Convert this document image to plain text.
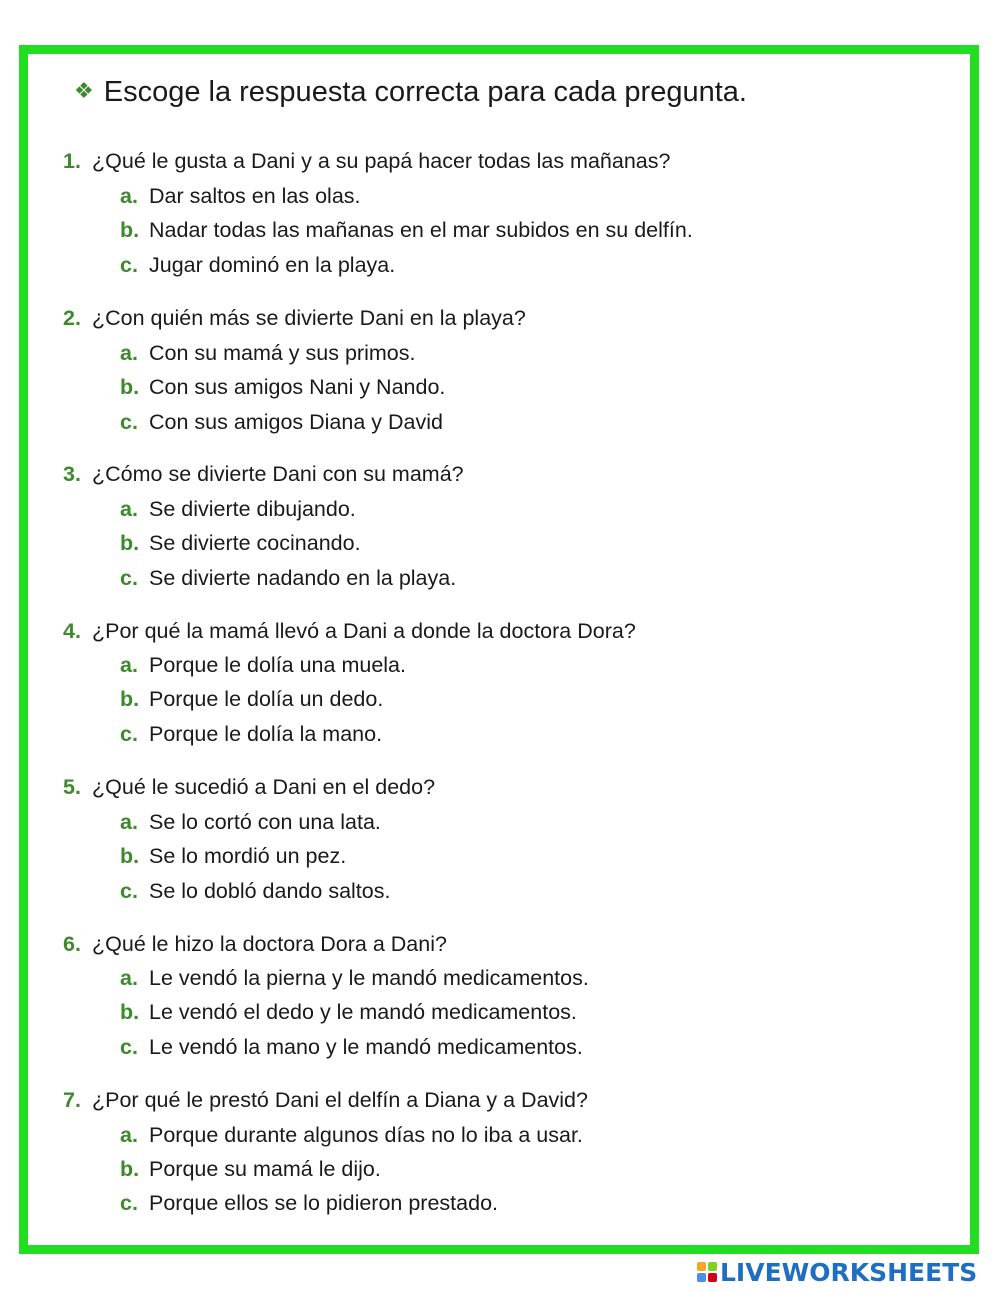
❖ Escoge la respuesta correcta para cada pregunta.
1. ¿Qué le gusta a Dani y a su papá hacer todas las mañanas?
a. Dar saltos en las olas.
b. Nadar todas las mañanas en el mar subidos en su delfín.
c. Jugar dominó en la playa.
2. ¿Con quién más se divierte Dani en la playa?
a. Con su mamá y sus primos.
b. Con sus amigos Nani y Nando.
c. Con sus amigos Diana y David
3. ¿Cómo se divierte Dani con su mamá?
a. Se divierte dibujando.
b. Se divierte cocinando.
c. Se divierte nadando en la playa.
4. ¿Por qué la mamá llevó a Dani a donde la doctora Dora?
a. Porque le dolía una muela.
b. Porque le dolía un dedo.
c. Porque le dolía la mano.
5. ¿Qué le sucedió a Dani en el dedo?
a. Se lo cortó con una lata.
b. Se lo mordió un pez.
c. Se lo dobló dando saltos.
6. ¿Qué le hizo la doctora Dora a Dani?
a. Le vendó la pierna y le mandó medicamentos.
b. Le vendó el dedo y le mandó medicamentos.
c. Le vendó la mano y le mandó medicamentos.
7. ¿Por qué le prestó Dani el delfín a Diana y a David?
a. Porque durante algunos días no lo iba a usar.
b. Porque su mamá le dijo.
c. Porque ellos se lo pidieron prestado.
LIVEWORKSHEETS
